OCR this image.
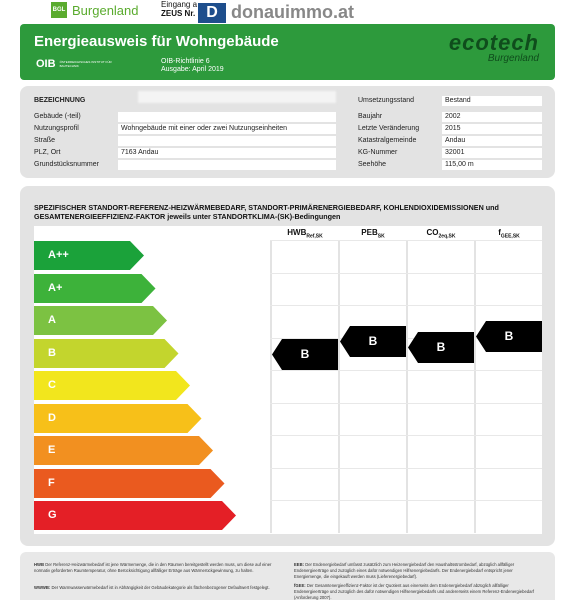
BGL Burgenland	Eingang a
ZEUS Nr. D donauimmo.at
Energieausweis für Wohngebäude
OIB ÖSTERREICHISCHES INSTITUT FÜR BAUTECHNIK
OIB-Richtlinie 6
Ausgabe: April 2019
ecotech
Burgenland
BEZEICHNUNG
Gebäude (-teil)
Nutzungsprofil	Wohngebäude mit einer oder zwei Nutzungseinheiten
Straße
PLZ, Ort	7163 Andau
Grundstücksnummer
Umsetzungsstand	Bestand
Baujahr	2002
Letzte Veränderung	2015
Katastralgemeinde	Andau
KG-Nummer	32001
Seehöhe	115,00 m
SPEZIFISCHER STANDORT-REFERENZ-HEIZWÄRMEBEDARF, STANDORT-PRIMÄRENERGIEBEDARF, KOHLENDIOXIDEMISSIONEN und GESAMTENERGIEEFFIZIENZ-FAKTOR jeweils unter STANDORTKLIMA-(SK)-Bedingungen
$HWB_{Ref,SK}$	$PEB_{SK}$	$CO_{2eq,SK}$	$f_{GEE,SK}$
A++
A+
A
B
C
D
E
F
G
B
B	B
B
HWB Der Referenz-Heizwärmebedarf ist jene Wärmemenge, die in den Räumen bereitgestellt werden muss, um diese auf einer normativ geforderten Raumtemperatur, ohne Berücksichtigung allfälliger Erträge aus Wärmerückgewinnung, zu halten.
WWWB: Der Warmwasserwärmebedarf ist in Abhängigkeit der Gebäudekategorie als flächenbezogener Defaultwert festgelegt.
EEB: Der Endenergiebedarf umfasst zusätzlich zum Heizenergiebedarf den Haushaltsstrombedarf, abzüglich allfälliger Endenergieerträge und zuzüglich eines dafür notwendigen Hilfsenergiebedarfs. Der Endenergiebedarf entspricht jener Energiemenge, die eingekauft werden muss (Lieferenergiebedarf).
fGEE: Der Gesamtenergieeffizienz-Faktor ist der Quotient aus einerseits dem Endenergiebedarf abzüglich allfälliger Endenergieerträge und zuzüglich des dafür notwendigen Hilfsenergiebedarfs und andererseits einem Referenz-Endenergiebedarf (Anforderung 2007).
